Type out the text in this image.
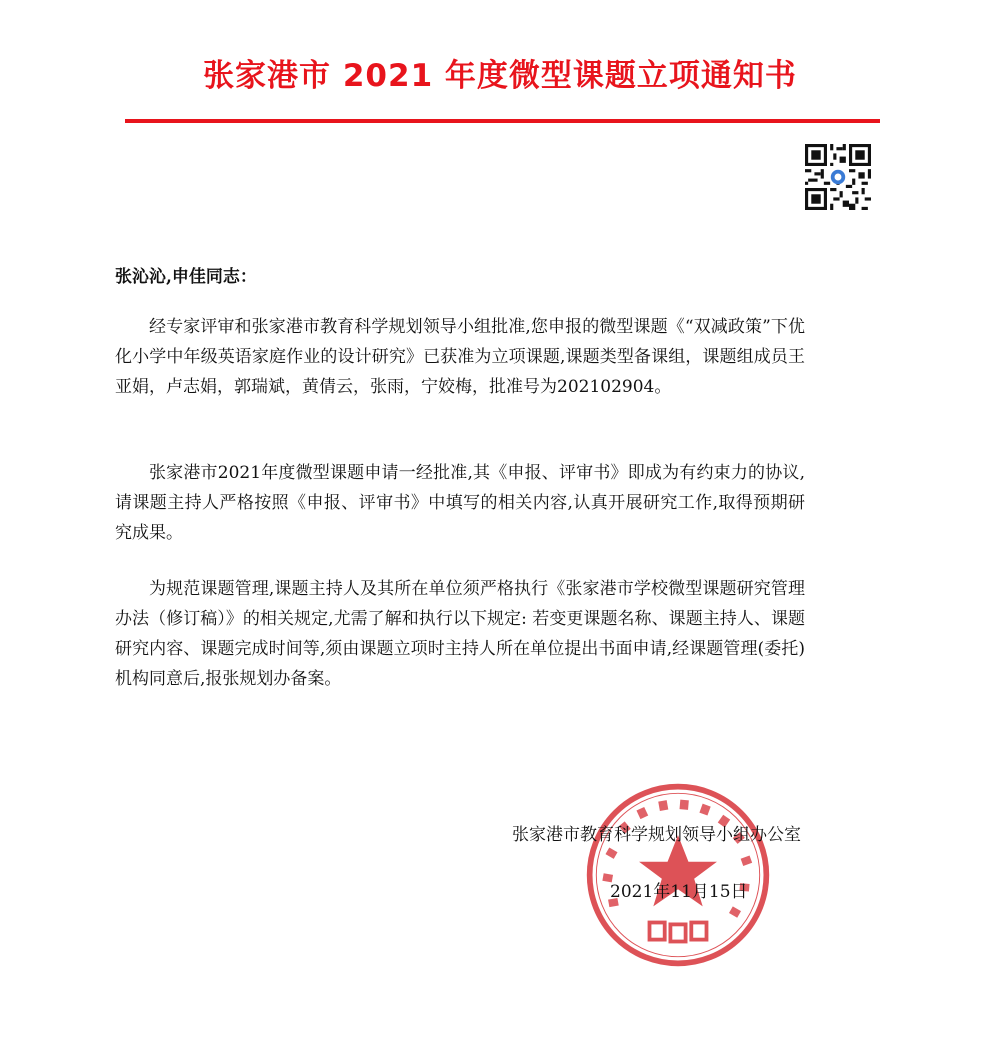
张家港市 2021 年度微型课题立项通知书
张沁沁,申佳同志：

经专家评审和张家港市教育科学规划领导小组批准,您申报的微型课题《“双减政策”下优化小学中年级英语家庭作业的设计研究》已获准为立项课题,课题类型备课组，课题组成员王亚娟，卢志娟，郭瑞斌，黄倩云，张雨，宁姣梅，批准号为202102904。

张家港市2021年度微型课题申请一经批准,其《申报、评审书》即成为有约束力的协议,请课题主持人严格按照《申报、评审书》中填写的相关内容,认真开展研究工作,取得预期研究成果。

为规范课题管理,课题主持人及其所在单位须严格执行《张家港市学校微型课题研究管理办法（修订稿）》的相关规定,尤需了解和执行以下规定: 若变更课题名称、课题主持人、课题研究内容、课题完成时间等,须由课题立项时主持人所在单位提出书面申请,经课题管理(委托)机构同意后,报张规划办备案。

张家港市教育科学规划领导小组办公室
2021年11月15日
